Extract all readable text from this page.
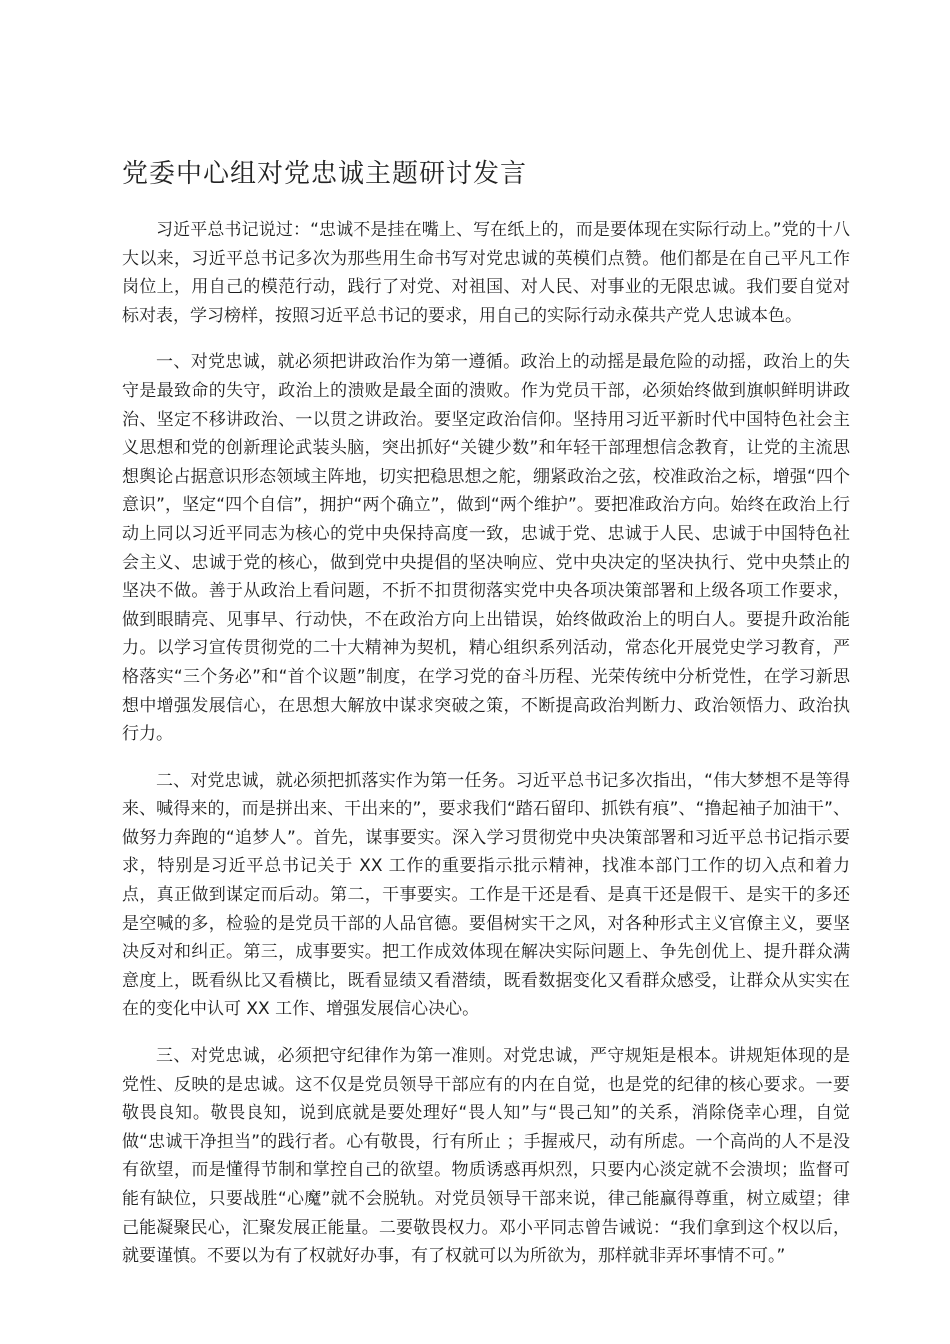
党委中心组对党忠诚主题研讨发言

习近平总书记说过：“忠诚不是挂在嘴上、写在纸上的，而是要体现在实际行动上。”党的十八大以来，习近平总书记多次为那些用生命书写对党忠诚的英模们点赞。他们都是在自己平凡工作岗位上，用自己的模范行动，践行了对党、对祖国、对人民、对事业的无限忠诚。我们要自觉对标对表，学习榜样，按照习近平总书记的要求，用自己的实际行动永葆共产党人忠诚本色。

一、对党忠诚，就必须把讲政治作为第一遵循。政治上的动摇是最危险的动摇，政治上的失守是最致命的失守，政治上的溃败是最全面的溃败。作为党员干部，必须始终做到旗帜鲜明讲政治、坚定不移讲政治、一以贯之讲政治。要坚定政治信仰。坚持用习近平新时代中国特色社会主义思想和党的创新理论武装头脑，突出抓好“关键少数”和年轻干部理想信念教育，让党的主流思想舆论占据意识形态领域主阵地，切实把稳思想之舵，绷紧政治之弦，校准政治之标，增强“四个意识”，坚定“四个自信”，拥护“两个确立”，做到“两个维护”。要把准政治方向。始终在政治上行动上同以习近平同志为核心的党中央保持高度一致，忠诚于党、忠诚于人民、忠诚于中国特色社会主义、忠诚于党的核心，做到党中央提倡的坚决响应、党中央决定的坚决执行、党中央禁止的坚决不做。善于从政治上看问题，不折不扣贯彻落实党中央各项决策部署和上级各项工作要求，做到眼睛亮、见事早、行动快，不在政治方向上出错误，始终做政治上的明白人。要提升政治能力。以学习宣传贯彻党的二十大精神为契机，精心组织系列活动，常态化开展党史学习教育，严格落实“三个务必”和“首个议题”制度，在学习党的奋斗历程、光荣传统中分析党性，在学习新思想中增强发展信心，在思想大解放中谋求突破之策，不断提高政治判断力、政治领悟力、政治执行力。

二、对党忠诚，就必须把抓落实作为第一任务。习近平总书记多次指出，“伟大梦想不是等得来、喊得来的，而是拼出来、干出来的”，要求我们“踏石留印、抓铁有痕”、“撸起袖子加油干”、做努力奔跑的“追梦人”。首先，谋事要实。深入学习贯彻党中央决策部署和习近平总书记指示要求，特别是习近平总书记关于 XX 工作的重要指示批示精神，找准本部门工作的切入点和着力点，真正做到谋定而后动。第二，干事要实。工作是干还是看、是真干还是假干、是实干的多还是空喊的多，检验的是党员干部的人品官德。要倡树实干之风，对各种形式主义官僚主义，要坚决反对和纠正。第三，成事要实。把工作成效体现在解决实际问题上、争先创优上、提升群众满意度上，既看纵比又看横比，既看显绩又看潜绩，既看数据变化又看群众感受，让群众从实实在在的变化中认可 XX 工作、增强发展信心决心。

三、对党忠诚，必须把守纪律作为第一准则。对党忠诚，严守规矩是根本。讲规矩体现的是党性、反映的是忠诚。这不仅是党员领导干部应有的内在自觉，也是党的纪律的核心要求。一要敬畏良知。敬畏良知，说到底就是要处理好“畏人知”与“畏己知”的关系，消除侥幸心理，自觉做“忠诚干净担当”的践行者。心有敬畏，行有所止 ；手握戒尺，动有所虑。一个高尚的人不是没有欲望，而是懂得节制和掌控自己的欲望。物质诱惑再炽烈，只要内心淡定就不会溃坝；监督可能有缺位，只要战胜“心魔”就不会脱轨。对党员领导干部来说，律己能赢得尊重，树立威望；律己能凝聚民心，汇聚发展正能量。二要敬畏权力。邓小平同志曾告诫说：“我们拿到这个权以后，就要谨慎。不要以为有了权就好办事，有了权就可以为所欲为，那样就非弄坏事情不可。”
